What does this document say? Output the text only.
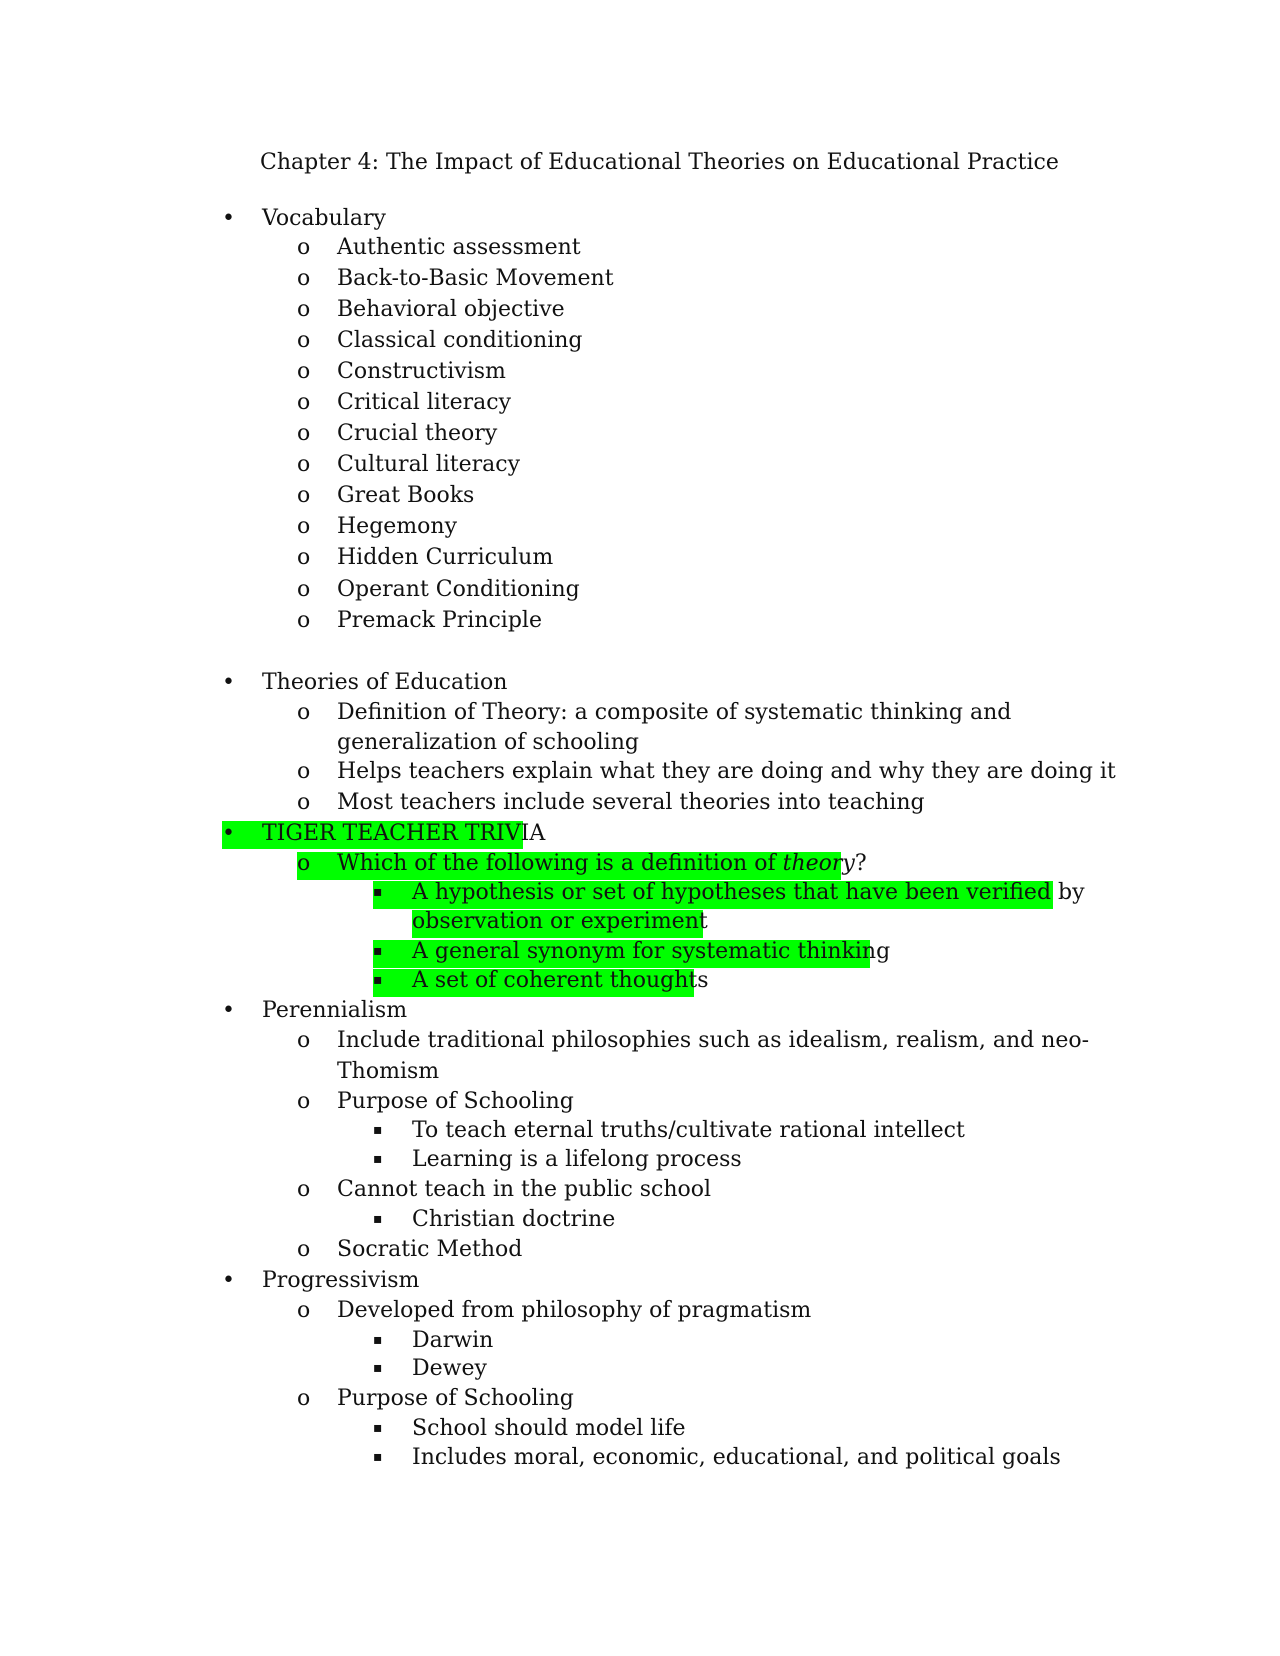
Chapter 4: The Impact of Educational Theories on Educational Practice
• Vocabulary
o Authentic assessment
o Back-to-Basic Movement
o Behavioral objective
o Classical conditioning
o Constructivism
o Critical literacy
o Crucial theory
o Cultural literacy
o Great Books
o Hegemony
o Hidden Curriculum
o Operant Conditioning
o Premack Principle
• Theories of Education
o Definition of Theory: a composite of systematic thinking and
generalization of schooling
o Helps teachers explain what they are doing and why they are doing it
o Most teachers include several theories into teaching
• TIGER TEACHER TRIVIA
o Which of the following is a definition of theory?
▪ A hypothesis or set of hypotheses that have been verified by
observation or experiment
▪ A general synonym for systematic thinking
▪ A set of coherent thoughts
• Perennialism
o Include traditional philosophies such as idealism, realism, and neo-
Thomism
o Purpose of Schooling
▪ To teach eternal truths/cultivate rational intellect
▪ Learning is a lifelong process
o Cannot teach in the public school
▪ Christian doctrine
o Socratic Method
• Progressivism
o Developed from philosophy of pragmatism
▪ Darwin
▪ Dewey
o Purpose of Schooling
▪ School should model life
▪ Includes moral, economic, educational, and political goals
